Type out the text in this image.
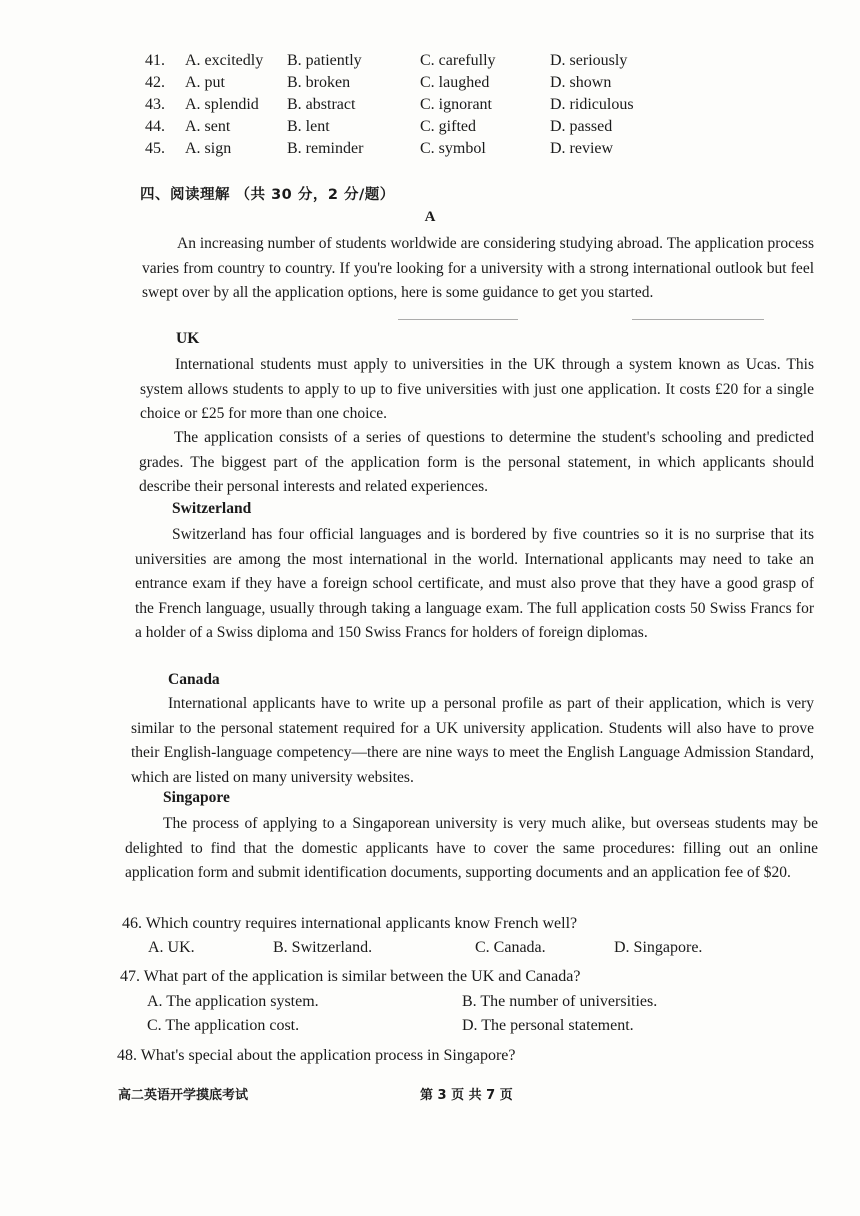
41. A. excitedly B. patiently	C. carefully	D. seriously
42. A. put	B. broken	C. laughed	D. shown
43. A. splendid B. abstract	C. ignorant	D. ridiculous
44. A. sent	B. lent	C. gifted	D. passed
45. A. sign	B. reminder	C. symbol	D. review
四、阅读理解 （共 30 分，2 分/题）
A
An increasing number of students worldwide are considering studying abroad. The application process varies from country to country. If you're looking for a university with a strong international outlook but feel swept over by all the application options, here is some guidance to get you started.
UK
International students must apply to universities in the UK through a system known as Ucas. This system allows students to apply to up to five universities with just one application. It costs £20 for a single choice or £25 for more than one choice.
The application consists of a series of questions to determine the student's schooling and predicted grades. The biggest part of the application form is the personal statement, in which applicants should describe their personal interests and related experiences.
Switzerland
Switzerland has four official languages and is bordered by five countries so it is no surprise that its universities are among the most international in the world. International applicants may need to take an entrance exam if they have a foreign school certificate, and must also prove that they have a good grasp of the French language, usually through taking a language exam. The full application costs 50 Swiss Francs for a holder of a Swiss diploma and 150 Swiss Francs for holders of foreign diplomas.
Canada
International applicants have to write up a personal profile as part of their application, which is very similar to the personal statement required for a UK university application. Students will also have to prove their English-language competency—there are nine ways to meet the English Language Admission Standard, which are listed on many university websites.
Singapore
The process of applying to a Singaporean university is very much alike, but overseas students may be delighted to find that the domestic applicants have to cover the same procedures: filling out an online application form and submit identification documents, supporting documents and an application fee of $20.
46. Which country requires international applicants know French well?
A. UK.	B. Switzerland.	C. Canada.	D. Singapore.
47. What part of the application is similar between the UK and Canada?
A. The application system.	B. The number of universities.
C. The application cost.	D. The personal statement.
48. What's special about the application process in Singapore?
高二英语开学摸底考试	第 3 页 共 7 页
